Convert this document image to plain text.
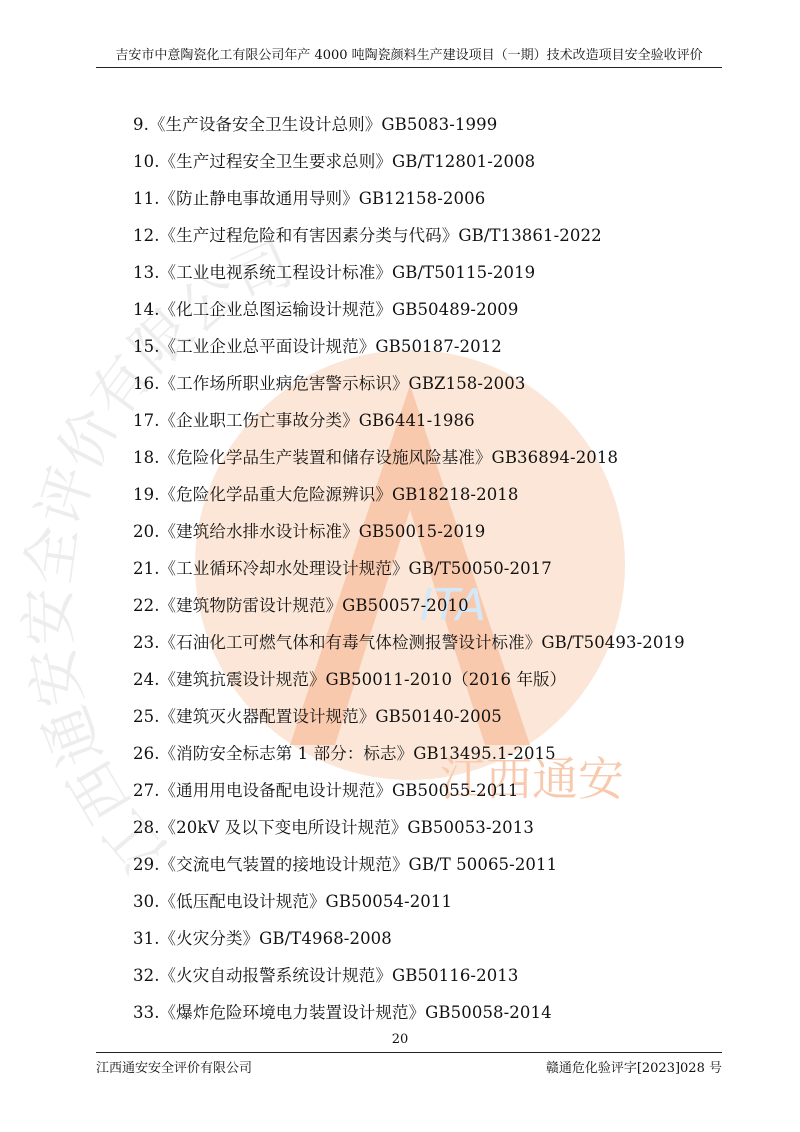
江西通安安全评价有限公司
ITA
江西通安
吉安市中意陶瓷化工有限公司年产 4000 吨陶瓷颜料生产建设项目（一期）技术改造项目安全验收评价
9.《生产设备安全卫生设计总则》GB5083-1999
10.《生产过程安全卫生要求总则》GB/T12801-2008
11.《防止静电事故通用导则》GB12158-2006
12.《生产过程危险和有害因素分类与代码》GB/T13861-2022
13.《工业电视系统工程设计标准》GB/T50115-2019
14.《化工企业总图运输设计规范》GB50489-2009
15.《工业企业总平面设计规范》GB50187-2012
16.《工作场所职业病危害警示标识》GBZ158-2003
17.《企业职工伤亡事故分类》GB6441-1986
18.《危险化学品生产装置和储存设施风险基准》GB36894-2018
19.《危险化学品重大危险源辨识》GB18218-2018
20.《建筑给水排水设计标准》GB50015-2019
21.《工业循环冷却水处理设计规范》GB/T50050-2017
22.《建筑物防雷设计规范》GB50057-2010
23.《石油化工可燃气体和有毒气体检测报警设计标准》GB/T50493-2019
24.《建筑抗震设计规范》GB50011-2010（2016 年版）
25.《建筑灭火器配置设计规范》GB50140-2005
26.《消防安全标志第 1 部分：标志》GB13495.1-2015
27.《通用用电设备配电设计规范》GB50055-2011
28.《20kV 及以下变电所设计规范》GB50053-2013
29.《交流电气装置的接地设计规范》GB/T 50065-2011
30.《低压配电设计规范》GB50054-2011
31.《火灾分类》GB/T4968-2008
32.《火灾自动报警系统设计规范》GB50116-2013
33.《爆炸危险环境电力装置设计规范》GB50058-2014
20
江西通安安全评价有限公司	赣通危化验评字[2023]028 号
